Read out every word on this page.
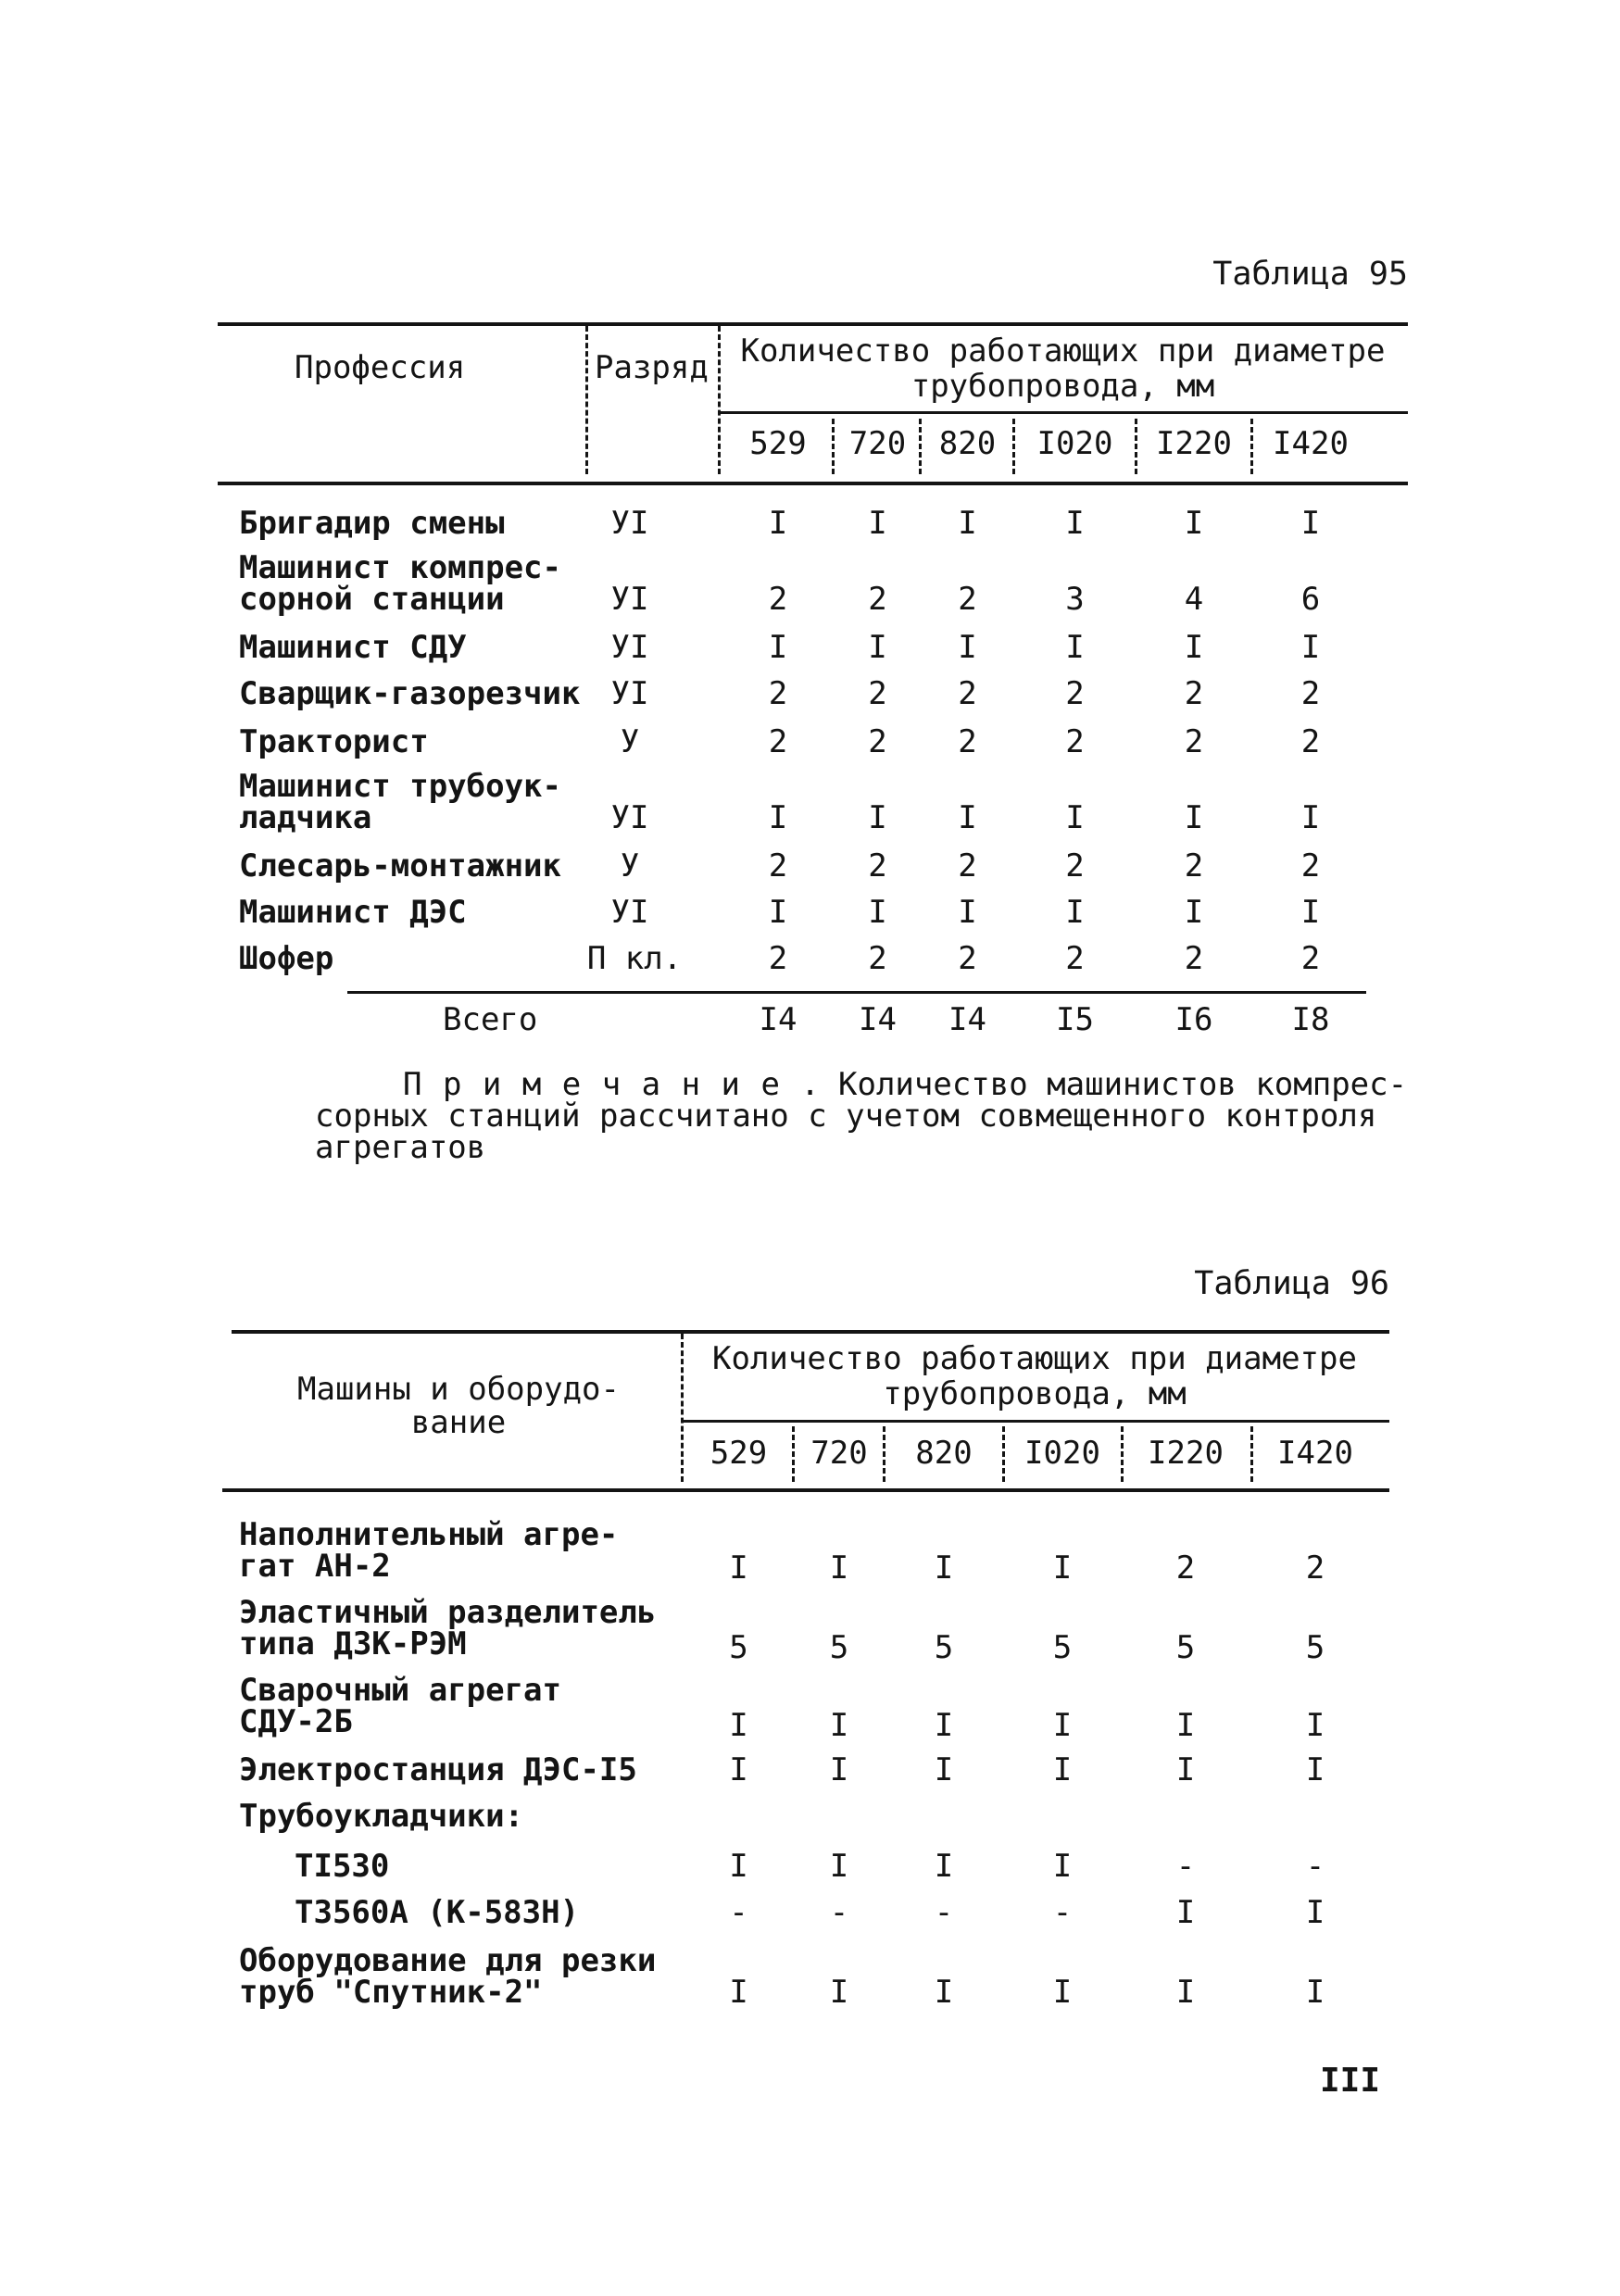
Таблица 95
Профессия	Разряд	Количество работающих при диаметре трубопровода, мм
529	720	820	I020	I220	I420
Бригадир смены	УI	I	I	I	I	I	I
Машинист компрес-
сорной станции	УI	2	2	2	3	4	6
Машинист СДУ	УI	I	I	I	I	I	I
Сварщик-газорезчик УI	2	2	2	2	2	2
Тракторист	У	2	2	2	2	2	2
Машинист трубоук-
ладчика	УI	I	I	I	I	I	I
Слесарь-монтажник	У	2	2	2	2	2	2
Машинист ДЭС	УI	I	I	I	I	I	I
Шофер	П кл.	2	2	2	2	2	2
Всего	I4	I4	I4	I5	I6	I8
П р и м е ч а н и е . Количество машинистов компрес-
сорных станций рассчитано с учетом совмещенного контроля
агрегатов
Таблица 96
Машины и оборудо-
вание
Количество работающих при диаметре трубопровода, мм
529	720	820	I020	I220	I420
Наполнительный агре-
гат АН-2	I	I	I	I	2	2
Эластичный разделитель
типа ДЗК-РЭМ	5	5	5	5	5	5
Сварочный агрегат
СДУ-2Б	I	I	I	I	I	I
Электростанция ДЭС-I5	I	I	I	I	I	I
Трубоукладчики:
TI530	I	I	I	I	-	-
T3560A (К-583Н)	-	-	-	-	I	I
Оборудование для резки
труб "Спутник-2"	I	I	I	I	I	I
III
